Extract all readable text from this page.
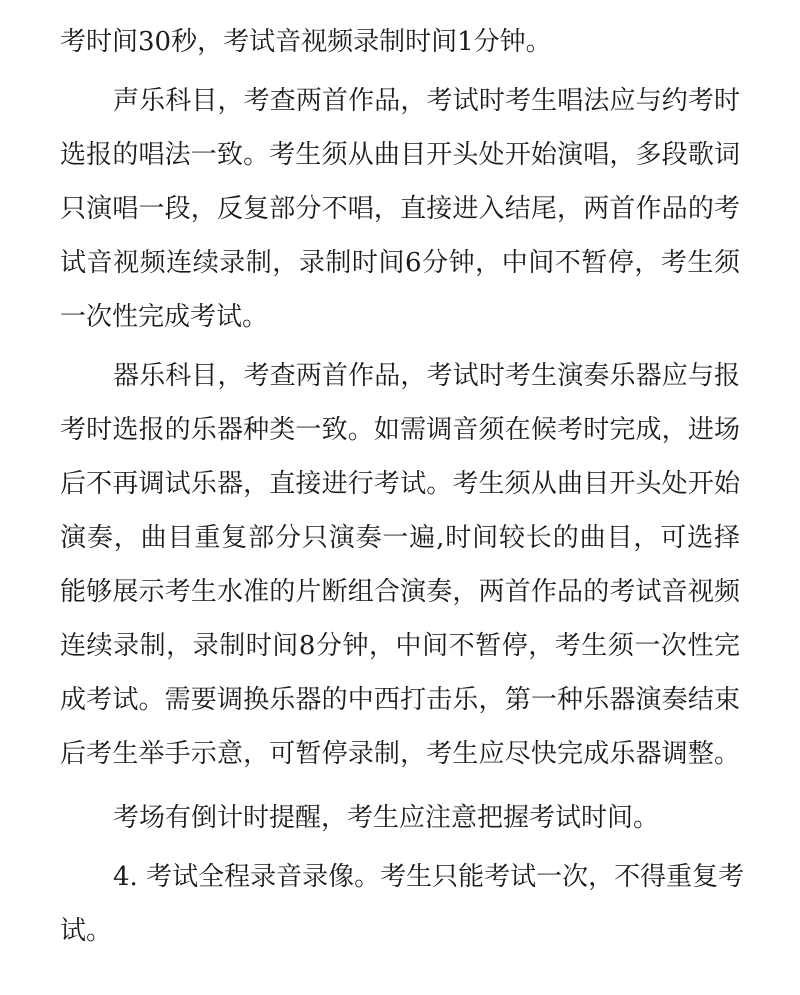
考时间30秒，考试音视频录制时间1分钟。
声乐科目，考查两首作品，考试时考生唱法应与约考时
选报的唱法一致。考生须从曲目开头处开始演唱，多段歌词
只演唱一段，反复部分不唱，直接进入结尾，两首作品的考
试音视频连续录制，录制时间6分钟，中间不暂停，考生须
一次性完成考试。
器乐科目，考查两首作品，考试时考生演奏乐器应与报
考时选报的乐器种类一致。如需调音须在候考时完成，进场
后不再调试乐器，直接进行考试。考生须从曲目开头处开始
演奏，曲目重复部分只演奏一遍,时间较长的曲目，可选择
能够展示考生水准的片断组合演奏，两首作品的考试音视频
连续录制，录制时间8分钟，中间不暂停，考生须一次性完
成考试。需要调换乐器的中西打击乐，第一种乐器演奏结束
后考生举手示意，可暂停录制，考生应尽快完成乐器调整。
考场有倒计时提醒，考生应注意把握考试时间。
4. 考试全程录音录像。考生只能考试一次，不得重复考
试。
